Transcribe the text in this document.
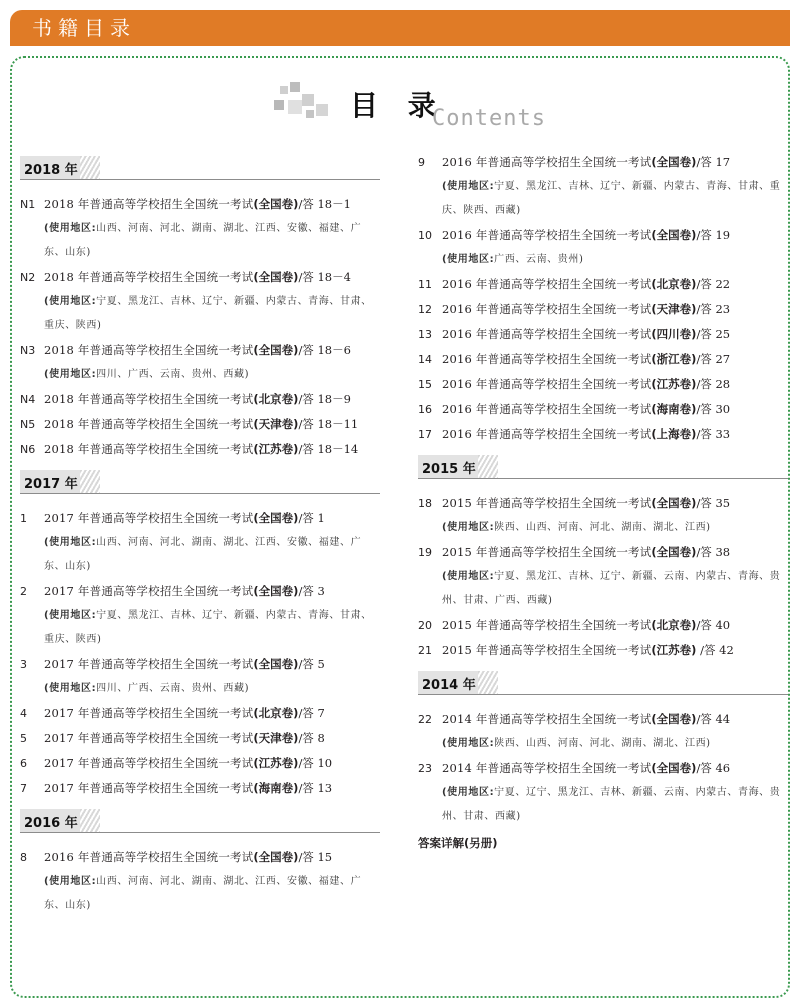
书籍目录
目 录
Contents
2018 年
N1 2018 年普通高等学校招生全国统一考试(全国卷)/答 18－1
(使用地区:山西、河南、河北、湖南、湖北、江西、安徽、福建、广东、山东)
N2 2018 年普通高等学校招生全国统一考试(全国卷)/答 18－4
(使用地区:宁夏、黑龙江、吉林、辽宁、新疆、内蒙古、青海、甘肃、重庆、陕西)
N3 2018 年普通高等学校招生全国统一考试(全国卷)/答 18－6
(使用地区:四川、广西、云南、贵州、西藏)
N4 2018 年普通高等学校招生全国统一考试(北京卷)/答 18－9
N5 2018 年普通高等学校招生全国统一考试(天津卷)/答 18－11
N6 2018 年普通高等学校招生全国统一考试(江苏卷)/答 18－14
2017 年
1 2017 年普通高等学校招生全国统一考试(全国卷)/答 1
(使用地区:山西、河南、河北、湖南、湖北、江西、安徽、福建、广东、山东)
2 2017 年普通高等学校招生全国统一考试(全国卷)/答 3
(使用地区:宁夏、黑龙江、吉林、辽宁、新疆、内蒙古、青海、甘肃、重庆、陕西)
3 2017 年普通高等学校招生全国统一考试(全国卷)/答 5
(使用地区:四川、广西、云南、贵州、西藏)
4 2017 年普通高等学校招生全国统一考试(北京卷)/答 7
5 2017 年普通高等学校招生全国统一考试(天津卷)/答 8
6 2017 年普通高等学校招生全国统一考试(江苏卷)/答 10
7 2017 年普通高等学校招生全国统一考试(海南卷)/答 13
2016 年
8 2016 年普通高等学校招生全国统一考试(全国卷)/答 15
(使用地区:山西、河南、河北、湖南、湖北、江西、安徽、福建、广东、山东)
9 2016 年普通高等学校招生全国统一考试(全国卷)/答 17
(使用地区:宁夏、黑龙江、吉林、辽宁、新疆、内蒙古、青海、甘肃、重庆、陕西、西藏)
10 2016 年普通高等学校招生全国统一考试(全国卷)/答 19
(使用地区:广西、云南、贵州)
11 2016 年普通高等学校招生全国统一考试(北京卷)/答 22
12 2016 年普通高等学校招生全国统一考试(天津卷)/答 23
13 2016 年普通高等学校招生全国统一考试(四川卷)/答 25
14 2016 年普通高等学校招生全国统一考试(浙江卷)/答 27
15 2016 年普通高等学校招生全国统一考试(江苏卷)/答 28
16 2016 年普通高等学校招生全国统一考试(海南卷)/答 30
17 2016 年普通高等学校招生全国统一考试(上海卷)/答 33
2015 年
18 2015 年普通高等学校招生全国统一考试(全国卷)/答 35
(使用地区:陕西、山西、河南、河北、湖南、湖北、江西)
19 2015 年普通高等学校招生全国统一考试(全国卷)/答 38
(使用地区:宁夏、黑龙江、吉林、辽宁、新疆、云南、内蒙古、青海、贵州、甘肃、广西、西藏)
20 2015 年普通高等学校招生全国统一考试(北京卷)/答 40
21 2015 年普通高等学校招生全国统一考试(江苏卷) /答 42
2014 年
22 2014 年普通高等学校招生全国统一考试(全国卷)/答 44
(使用地区:陕西、山西、河南、河北、湖南、湖北、江西)
23 2014 年普通高等学校招生全国统一考试(全国卷)/答 46
(使用地区:宁夏、辽宁、黑龙江、吉林、新疆、云南、内蒙古、青海、贵州、甘肃、西藏)
答案详解(另册)
